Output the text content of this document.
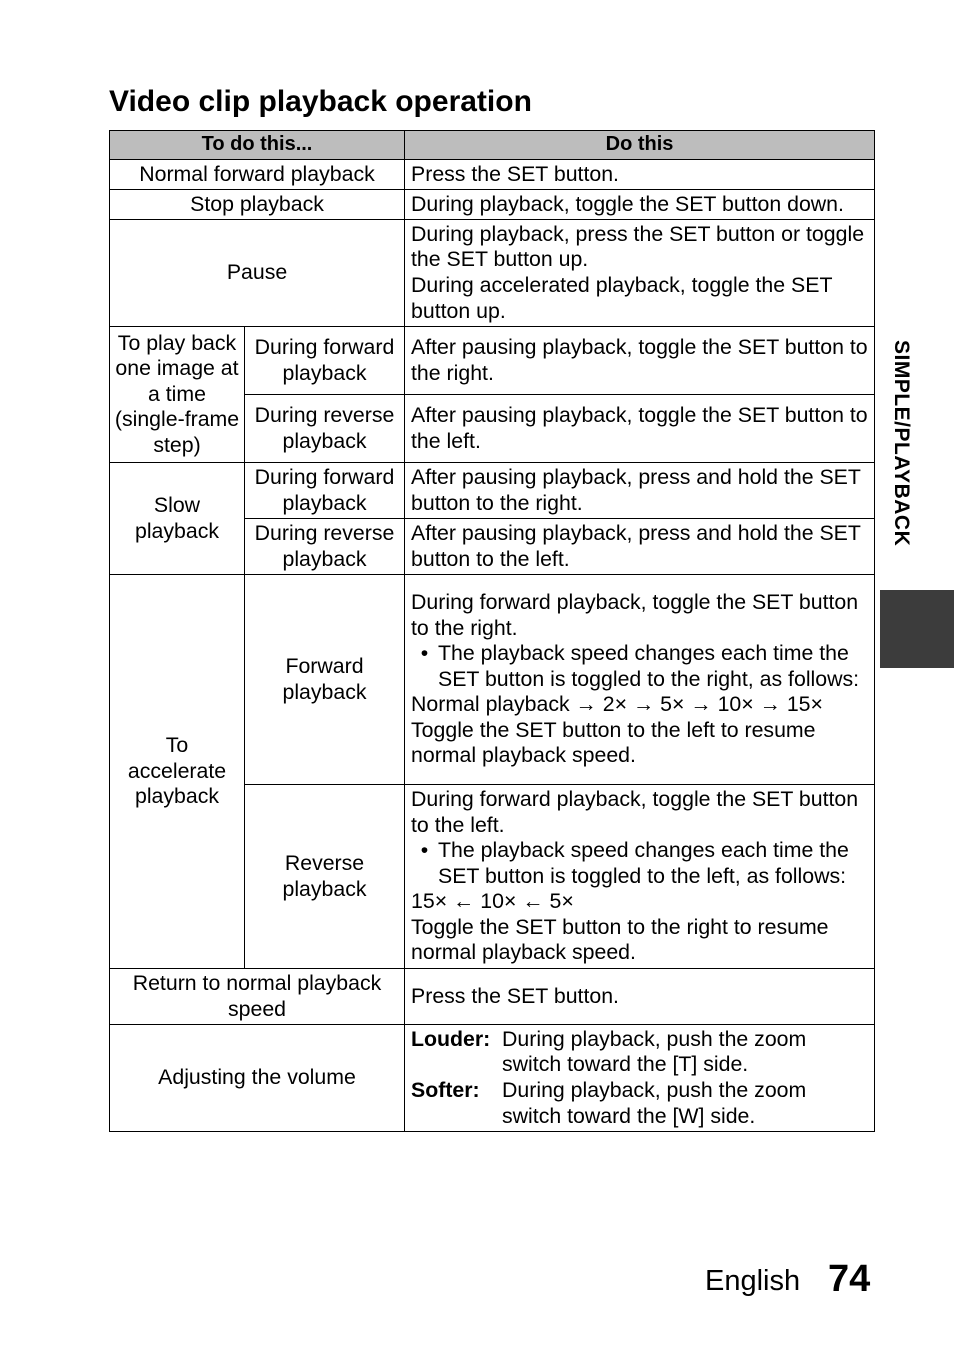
Video clip playback operation
To do this...		Do this
Normal forward playback		Press the SET button.
Stop playback		During playback, toggle the SET button down.
Pause		During playback, press the SET button or toggle the SET button up.
During accelerated playback, toggle the SET button up.

To play back one image at a time (single-frame step)	During forward playback	After pausing playback, toggle the SET button to the right.
	During reverse playback	After pausing playback, toggle the SET button to the left.
Slow playback	During forward playback	After pausing playback, press and hold the SET button to the right.
	During reverse playback	After pausing playback, press and hold the SET button to the left.
To accelerate playback	Forward playback	During forward playback, toggle the SET button to the right.
• The playback speed changes each time the SET button is toggled to the right, as follows:
Normal playback → 2× → 5× → 10× → 15×
Toggle the SET button to the left to resume normal playback speed.

	Reverse playback	During forward playback, toggle the SET button to the left.
• The playback speed changes each time the SET button is toggled to the left, as follows:
15× ← 10× ← 5×
Toggle the SET button to the right to resume normal playback speed.

Return to normal playback speed		Press the SET button.
Adjusting the volume		Louder: During playback, push the zoom switch toward the [T] side.
Softer: During playback, push the zoom switch toward the [W] side.
SIMPLE/PLAYBACK
English 74
